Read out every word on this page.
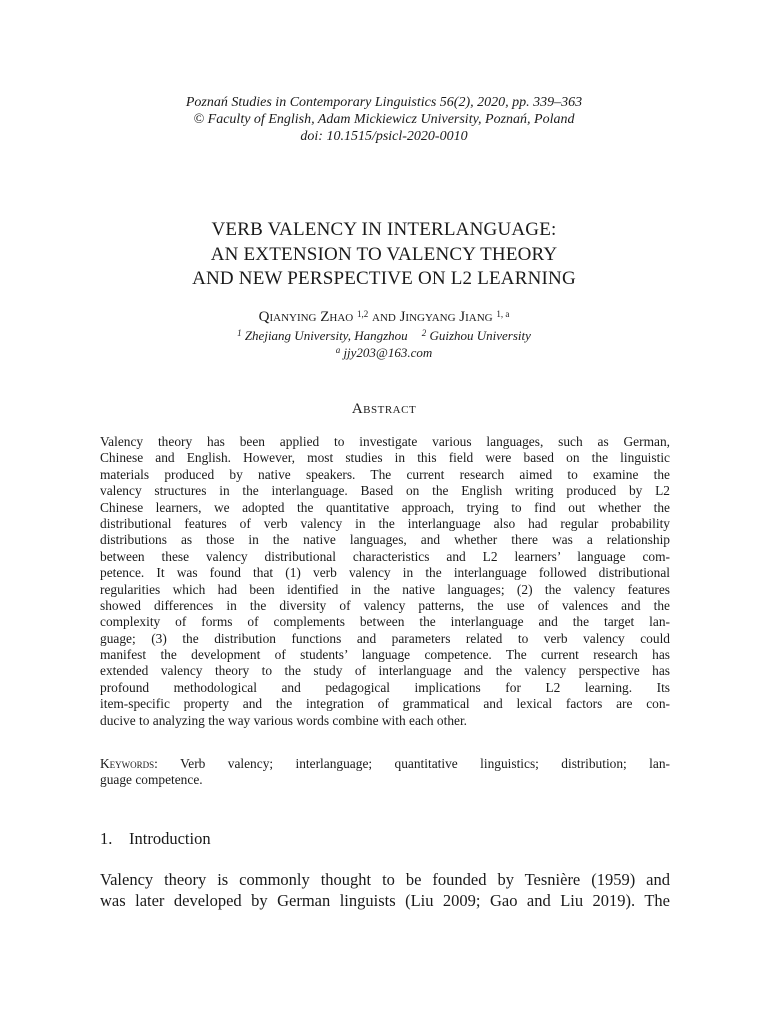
Poznań Studies in Contemporary Linguistics 56(2), 2020, pp. 339–363
© Faculty of English, Adam Mickiewicz University, Poznań, Poland
doi: 10.1515/psicl-2020-0010
VERB VALENCY IN INTERLANGUAGE:
AN EXTENSION TO VALENCY THEORY
AND NEW PERSPECTIVE ON L2 LEARNING
Qianying Zhao $^{1,2}$ and Jingyang Jiang $^{1, a}$
$^1$ Zhejiang University, Hangzhou $^2$ Guizhou University
$^a$ jjy203@163.com
Abstract
Valency theory has been applied to investigate various languages, such as German,
Chinese and English. However, most studies in this field were based on the linguistic
materials produced by native speakers. The current research aimed to examine the
valency structures in the interlanguage. Based on the English writing produced by L2
Chinese learners, we adopted the quantitative approach, trying to find out whether the
distributional features of verb valency in the interlanguage also had regular probability
distributions as those in the native languages, and whether there was a relationship
between these valency distributional characteristics and L2 learners’ language com-
petence. It was found that (1) verb valency in the interlanguage followed distributional
regularities which had been identified in the native languages; (2) the valency features
showed differences in the diversity of valency patterns, the use of valences and the
complexity of forms of complements between the interlanguage and the target lan-
guage; (3) the distribution functions and parameters related to verb valency could
manifest the development of students’ language competence. The current research has
extended valency theory to the study of interlanguage and the valency perspective has
profound methodological and pedagogical implications for L2 learning. Its
item-specific property and the integration of grammatical and lexical factors are con-
ducive to analyzing the way various words combine with each other.
Keywords: Verb valency; interlanguage; quantitative linguistics; distribution; lan-
guage competence.
1. Introduction
Valency theory is commonly thought to be founded by Tesnière (1959) and
was later developed by German linguists (Liu 2009; Gao and Liu 2019). The
